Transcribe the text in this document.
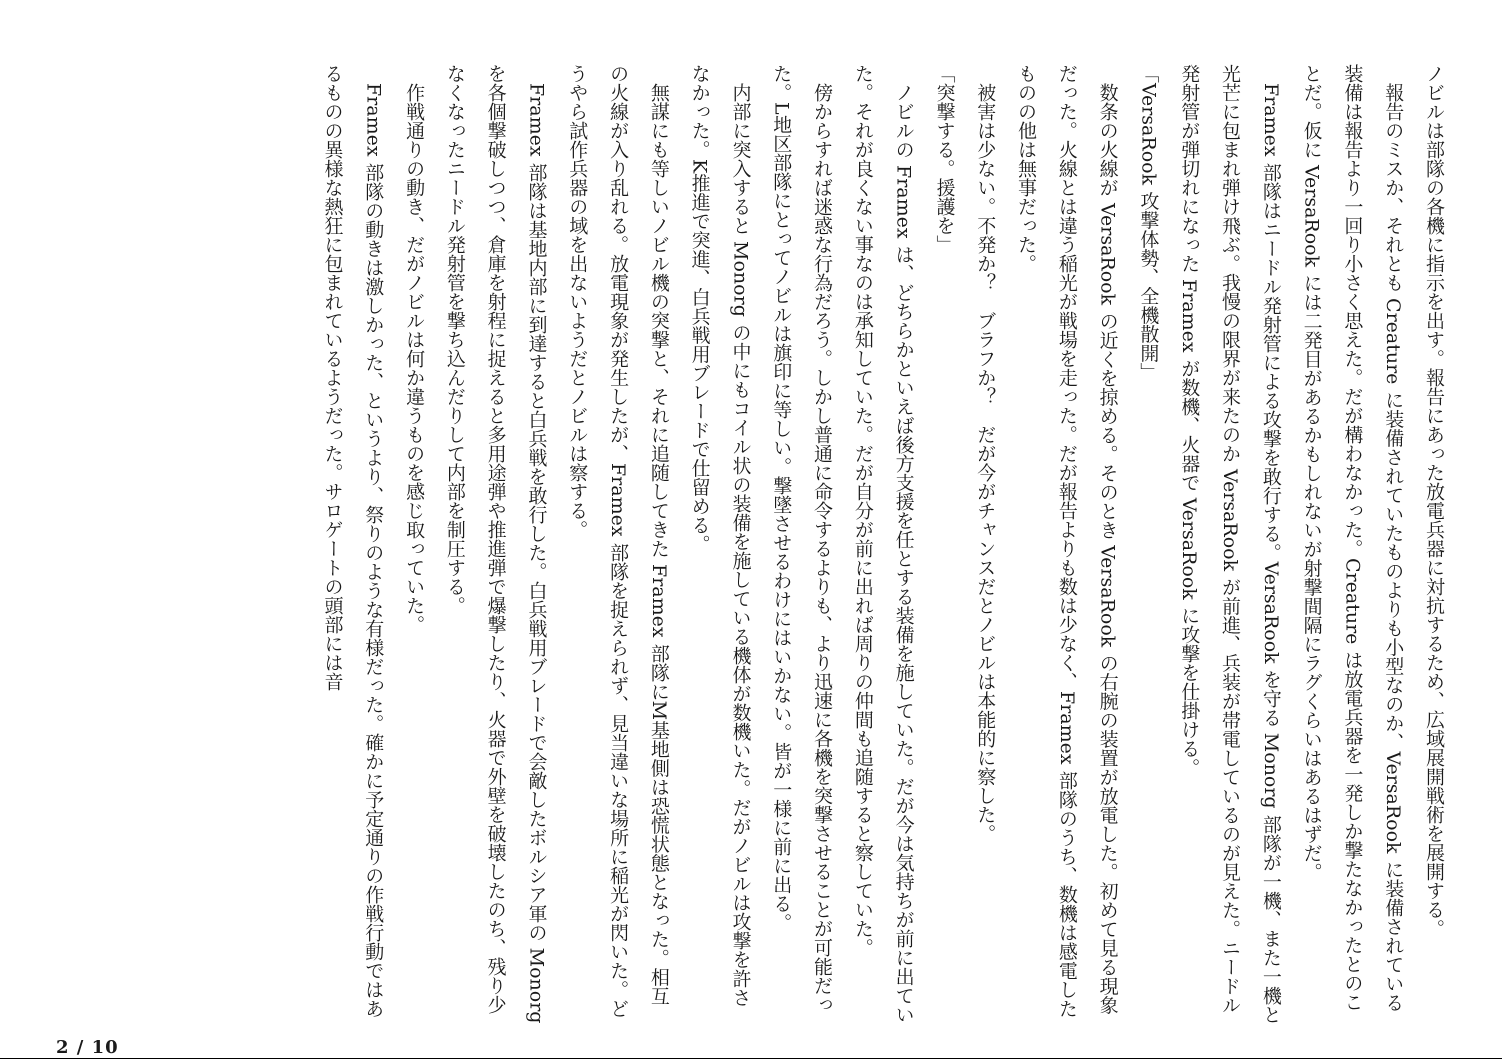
ノビルは部隊の各機に指示を出す。報告にあった放電兵器に対抗するため、広域展開戦術を展開する。

報告のミスか、それとも Creature に装備されていたものよりも小型なのか、VersaRook に装備されている装備は報告より一回り小さく思えた。だが構わなかった。Creature は放電兵器を一発しか撃たなかったとのことだ。仮に VersaRook には二発目があるかもしれないが射撃間隔にラグくらいはあるはずだ。

Framex 部隊はニードル発射管による攻撃を敢行する。VersaRook を守る Monorg 部隊が一機、また一機と光芒に包まれ弾け飛ぶ。我慢の限界が来たのか VersaRook が前進、兵装が帯電しているのが見えた。ニードル発射管が弾切れになった Framex が数機、火器で VersaRook に攻撃を仕掛ける。

「VersaRook 攻撃体勢、全機散開」

数条の火線が VersaRook の近くを掠める。そのとき VersaRook の右腕の装置が放電した。初めて見る現象だった。火線とは違う稲光が戦場を走った。だが報告よりも数は少なく、Framex 部隊のうち、数機は感電したものの他は無事だった。

被害は少ない。不発か？　ブラフか？　だが今がチャンスだとノビルは本能的に察した。

「突撃する。援護を」

ノビルの Framex は、どちらかといえば後方支援を任とする装備を施していた。だが今は気持ちが前に出ていた。それが良くない事なのは承知していた。だが自分が前に出れば周りの仲間も追随すると察していた。

傍からすれば迷惑な行為だろう。しかし普通に命令するよりも、より迅速に各機を突撃させることが可能だった。L地区部隊にとってノビルは旗印に等しい。撃墜させるわけにはいかない。皆が一様に前に出る。

内部に突入すると Monorg の中にもコイル状の装備を施している機体が数機いた。だがノビルは攻撃を許さなかった。K推進で突進、白兵戦用ブレードで仕留める。

無謀にも等しいノビル機の突撃と、それに追随してきた Framex 部隊にM基地側は恐慌状態となった。相互の火線が入り乱れる。放電現象が発生したが、Framex 部隊を捉えられず、見当違いな場所に稲光が閃いた。どうやら試作兵器の域を出ないようだとノビルは察する。

Framex 部隊は基地内部に到達すると白兵戦を敢行した。白兵戦用ブレードで会敵したボルシア軍の Monorg を各個撃破しつつ、倉庫を射程に捉えると多用途弾や推進弾で爆撃したり、火器で外壁を破壊したのち、残り少なくなったニードル発射管を撃ち込んだりして内部を制圧する。

作戦通りの動き、だがノビルは何か違うものを感じ取っていた。

Framex 部隊の動きは激しかった、というより、祭りのような有様だった。確かに予定通りの作戦行動ではあるものの異様な熱狂に包まれているようだった。サロゲートの頭部には音

2 / 10
